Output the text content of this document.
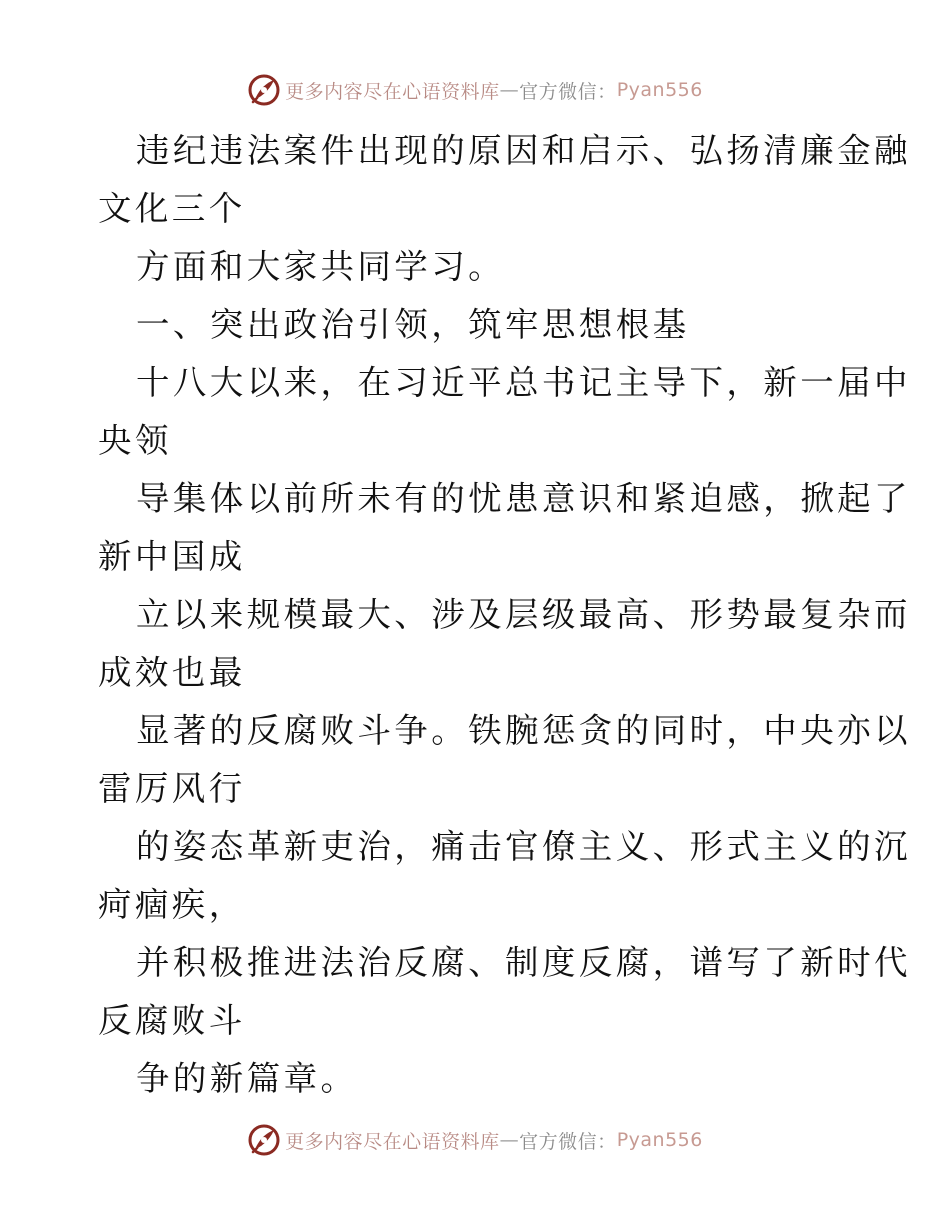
更多内容尽在心语资料库 — 官方微信： Pyan556
违纪违法案件出现的原因和启示、弘扬清廉金融
文化三个
方面和大家共同学习。
一、突出政治引领，筑牢思想根基
十八大以来，在习近平总书记主导下，新一届中
央领
导集体以前所未有的忧患意识和紧迫感，掀起了
新中国成
立以来规模最大、涉及层级最高、形势最复杂而
成效也最
显著的反腐败斗争。铁腕惩贪的同时，中央亦以
雷厉风行
的姿态革新吏治，痛击官僚主义、形式主义的沉
疴痼疾，
并积极推进法治反腐、制度反腐，谱写了新时代
反腐败斗
争的新篇章。
更多内容尽在心语资料库 — 官方微信： Pyan556
